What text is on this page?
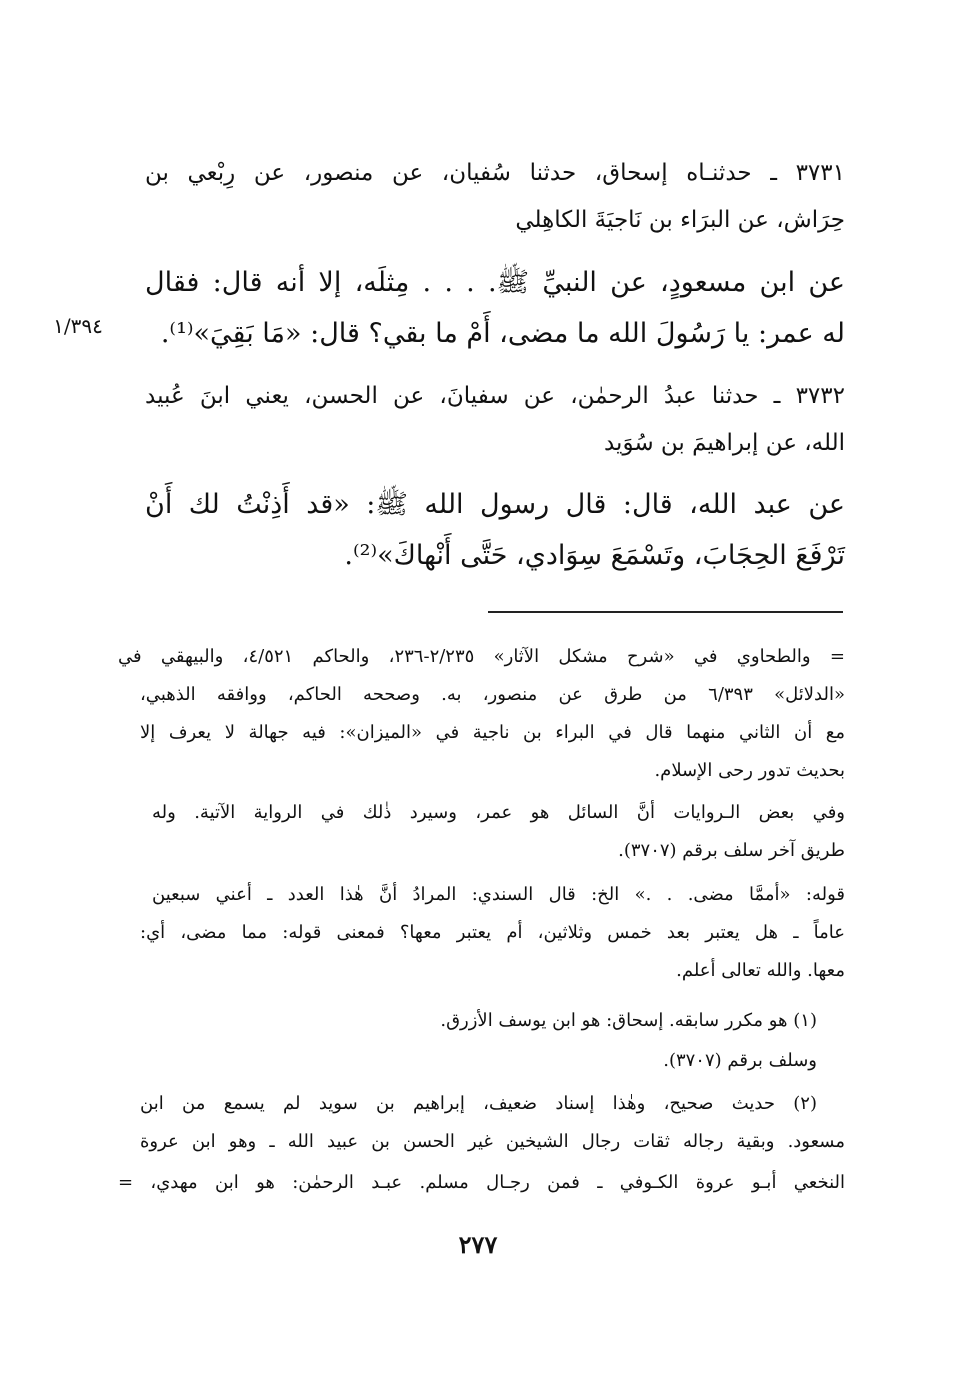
١/٣٩٤
٣٧٣١ ـ حدثنـاه إسحاق، حدثنا سُفيان، عن منصور، عن رِبْعي بن
حِرَاش، عن البرَاء بن نَاجيَةَ الكاهِلي
عن ابن مسعودٍ، عن النبيِّ ﷺ. . . . مِثلَه، إلا أنه قال: فقال
له عمر: يا رَسُولَ الله ما مضى، أَمْ ما بقي؟ قال: «مَا بَقِيَ»⁽¹⁾.
٣٧٣٢ ـ حدثنا عبدُ الرحمٰن، عن سفيانَ، عن الحسن، يعني ابنَ عُبيد
الله، عن إبراهيمَ بن سُوَيد
عن عبد الله، قال: قال رسول الله ﷺ: «قد أَذِنْتُ لك أَنْ
تَرْفَعَ الحِجَابَ، وتَسْمَعَ سِوَادي، حَتَّى أَنْهاكَ»⁽²⁾.
= والطحاوي في «شرح مشكل الآثار» ٢/٢٣٥-٢٣٦، والحاكم ٤/٥٢١، والبيهقي في
«الدلائل» ٦/٣٩٣ من طرق عن منصور، به. وصححه الحاكم، ووافقه الذهبي،
مع أن الثاني منهما قال في البراء بن ناجية في «الميزان»: فيه جهالة لا يعرف إلا
بحديث تدور رحى الإسلام.
وفي بعض الـروايات أنَّ السائل هو عمر، وسيرد ذٰلك في الرواية الآتية. وله
طريق آخر سلف برقم (٣٧٠٧).
قوله: «أممَّا مضى. . .» الخ: قال السندي: المرادُ أنَّ هٰذا العدد ـ أعني سبعين
عاماً ـ هل يعتبر بعد خمس وثلاثين، أم يعتبر معها؟ فمعنى قوله: مما مضى، أي:
معها. والله تعالى أعلم.
(١) هو مكرر سابقه. إسحاق: هو ابن يوسف الأزرق.
وسلف برقم (٣٧٠٧).
(٢) حديث صحيح، وهٰذا إسناد ضعيف، إبراهيم بن سويد لم يسمع من ابن
مسعود. وبقية رجاله ثقات رجال الشيخين غير الحسن بن عبيد الله ـ وهو ابن عروة
النخعي أبـو عروة الكـوفي ـ فمن رجـال مسلم. عبـد الرحمٰن: هو ابن مهدي، =
٢٧٧
